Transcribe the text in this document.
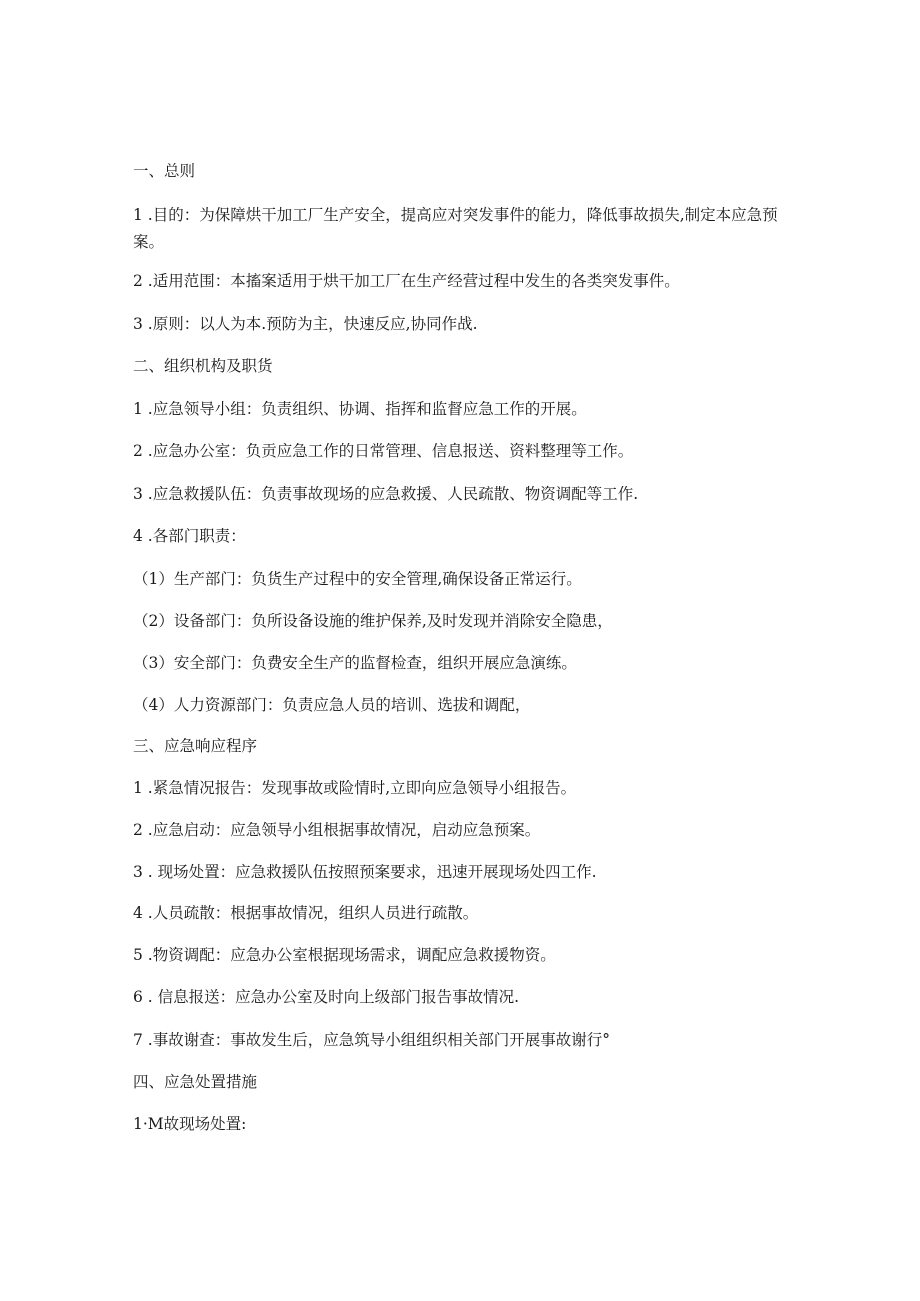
一、总则

1 .目的：为保障烘干加工厂生产安全，提高应对突发事件的能力，降低事故损失,制定本应急预案。

2 .适用范围：本搐案适用于烘干加工厂在生产经营过程中发生的各类突发事件。

3 .原则：以人为本.预防为主，快速反应,协同作战.

二、组织机构及职货

1 .应急领导小组：负责组织、协调、指挥和监督应急工作的开展。

2 .应急办公室：负贡应急工作的日常管理、信息报送、资料整理等工作。

3 .应急救援队伍：负责事故现场的应急救援、人民疏散、物资调配等工作.

4 .各部门职责：

（1）生产部门：负货生产过程中的安全管理,确保设备正常运行。

（2）设备部门：负所设备设施的维护保养,及时发现并消除安全隐患，

（3）安全部门：负费安全生产的监督检查，组织开展应急演练。

（4）人力资源部门：负责应急人员的培训、选拔和调配，

三、应急响应程序

1 .紧急情况报告：发现事故或险情时,立即向应急领导小组报告。

2 .应急启动：应急领导小组根据事故情况，启动应急预案。

3 . 现场处置：应急救援队伍按照预案要求，迅速开展现场处四工作.

4 .人员疏散：根据事故情况，组织人员进行疏散。

5 .物资调配：应急办公室根据现场需求，调配应急救援物资。

6 . 信息报送：应急办公室及时向上级部门报告事故情况.

7 .事故谢查：事故发生后，应急筑导小组组织相关部门开展事故谢行°

四、应急处置措施

1·M故现场处置:
